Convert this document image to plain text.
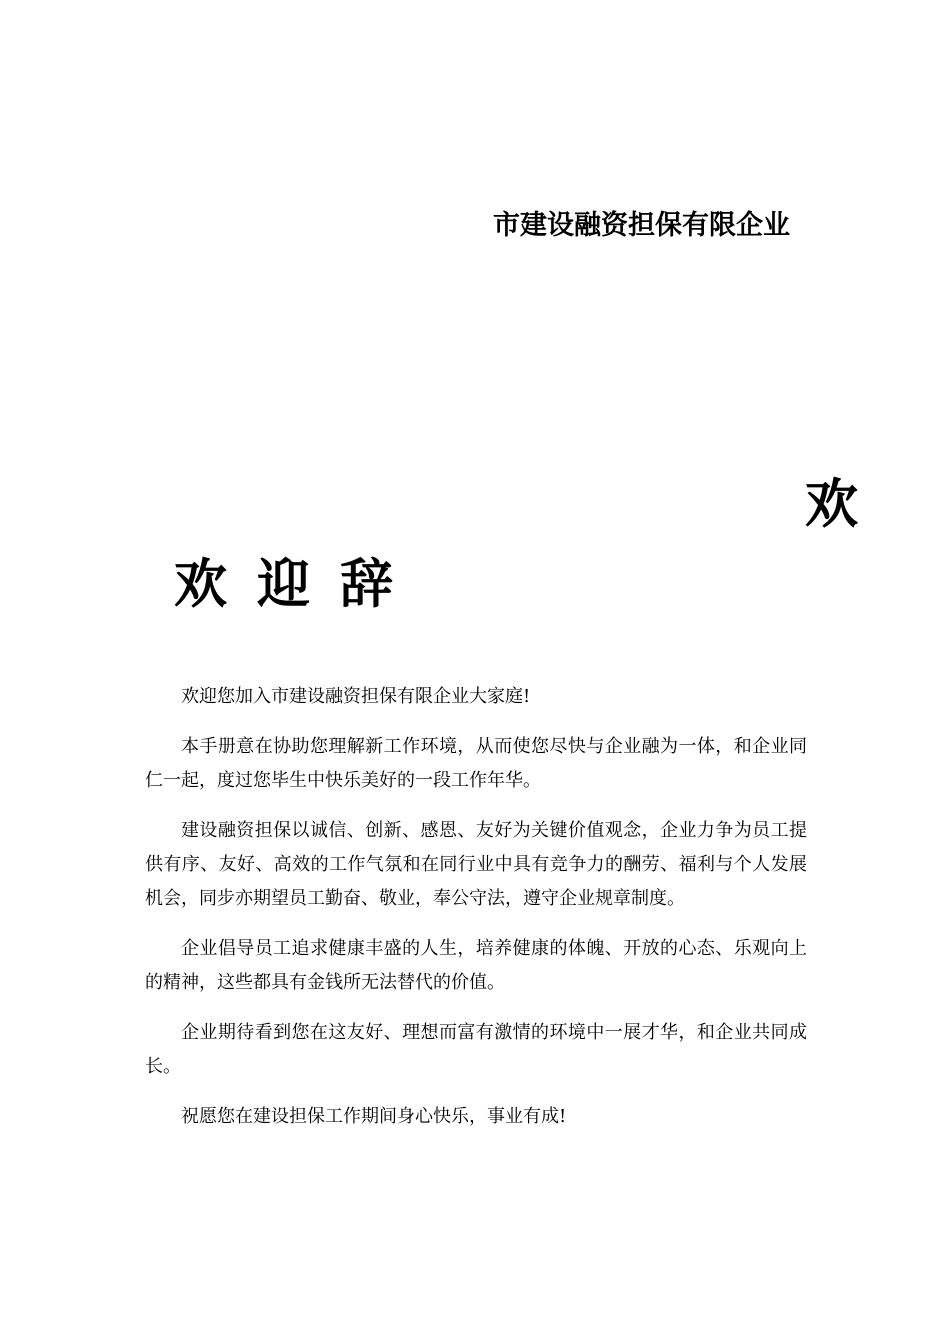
市建设融资担保有限企业
欢
欢迎辞

欢迎您加入市建设融资担保有限企业大家庭!

本手册意在协助您理解新工作环境，从而使您尽快与企业融为一体，和企业同仁一起，度过您毕生中快乐美好的一段工作年华。

建设融资担保以诚信、创新、感恩、友好为关键价值观念，企业力争为员工提供有序、友好、高效的工作气氛和在同行业中具有竞争力的酬劳、福利与个人发展机会，同步亦期望员工勤奋、敬业，奉公守法，遵守企业规章制度。

企业倡导员工追求健康丰盛的人生，培养健康的体魄、开放的心态、乐观向上的精神，这些都具有金钱所无法替代的价值。

企业期待看到您在这友好、理想而富有激情的环境中一展才华，和企业共同成长。

祝愿您在建设担保工作期间身心快乐，事业有成!
